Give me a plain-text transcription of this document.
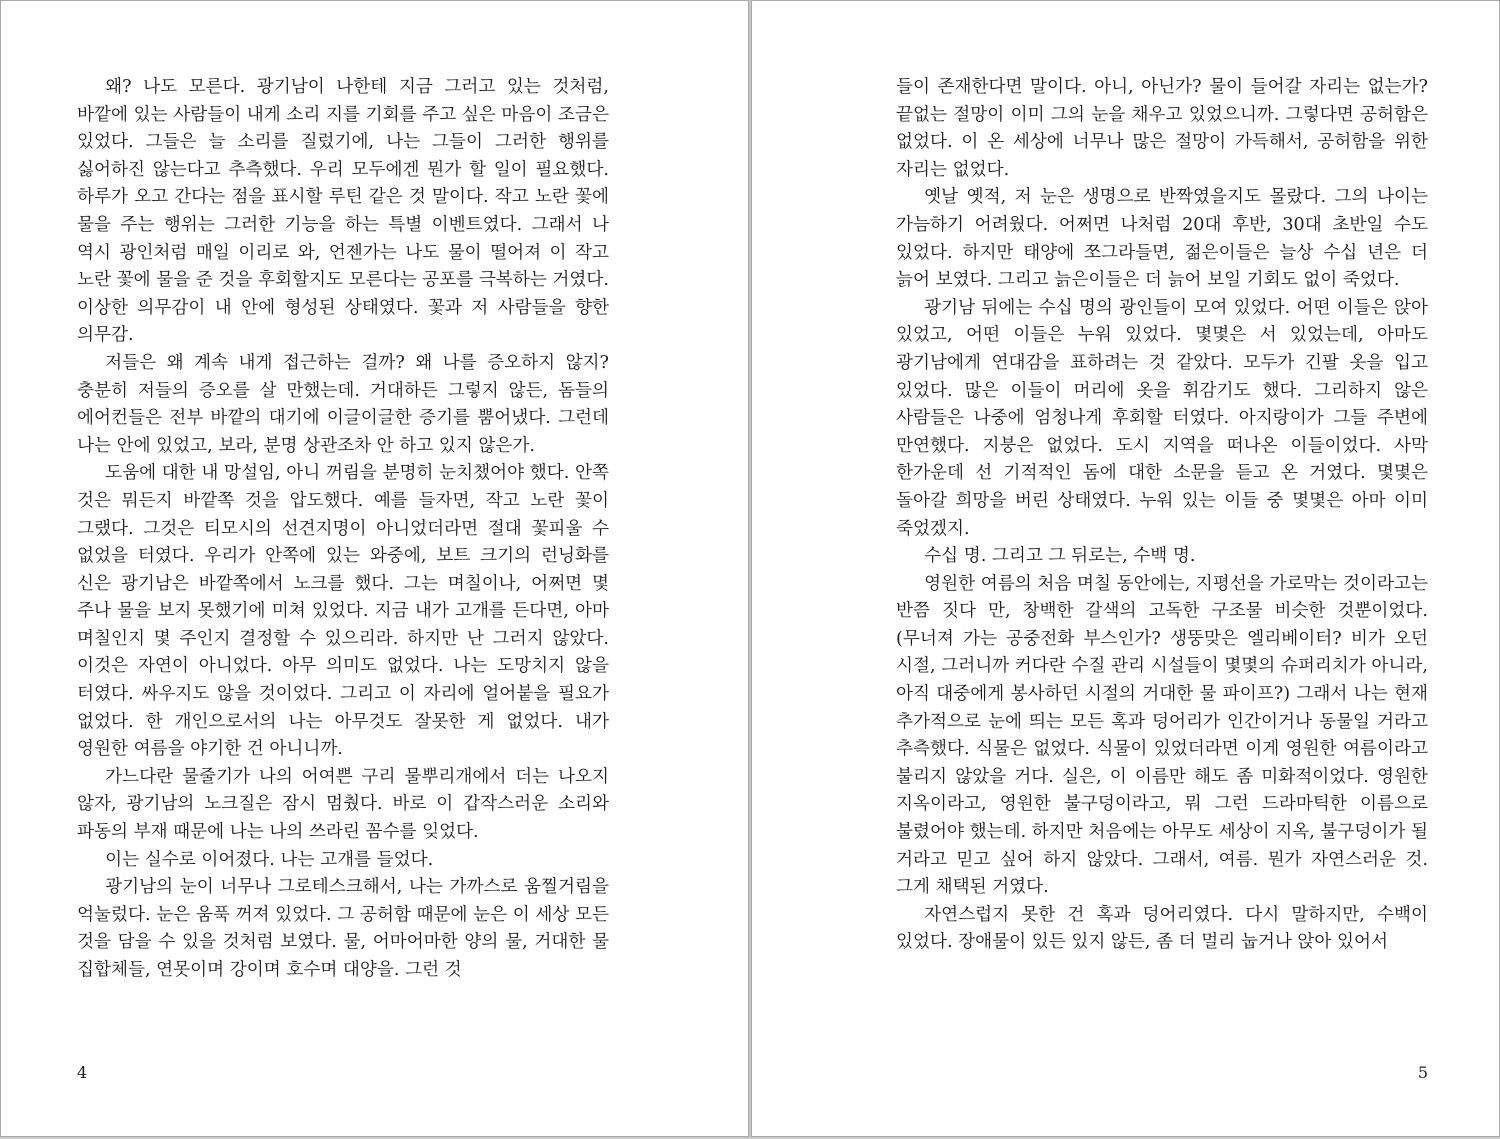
왜? 나도 모른다. 광기남이 나한테 지금 그러고 있는 것처럼, 바깥에 있는 사람들이 내게 소리 지를 기회를 주고 싶은 마음이 조금은 있었다. 그들은 늘 소리를 질렀기에, 나는 그들이 그러한 행위를 싫어하진 않는다고 추측했다. 우리 모두에겐 뭔가 할 일이 필요했다. 하루가 오고 간다는 점을 표시할 루틴 같은 것 말이다. 작고 노란 꽃에 물을 주는 행위는 그러한 기능을 하는 특별 이벤트였다. 그래서 나 역시 광인처럼 매일 이리로 와, 언젠가는 나도 물이 떨어져 이 작고 노란 꽃에 물을 준 것을 후회할지도 모른다는 공포를 극복하는 거였다. 이상한 의무감이 내 안에 형성된 상태였다. 꽃과 저 사람들을 향한 의무감.

저들은 왜 계속 내게 접근하는 걸까? 왜 나를 증오하지 않지? 충분히 저들의 증오를 살 만했는데. 거대하든 그렇지 않든, 돔들의 에어컨들은 전부 바깥의 대기에 이글이글한 증기를 뿜어냈다. 그런데 나는 안에 있었고, 보라, 분명 상관조차 안 하고 있지 않은가.

도움에 대한 내 망설임, 아니 꺼림을 분명히 눈치챘어야 했다. 안쪽 것은 뭐든지 바깥쪽 것을 압도했다. 예를 들자면, 작고 노란 꽃이 그랬다. 그것은 티모시의 선견지명이 아니었더라면 절대 꽃피울 수 없었을 터였다. 우리가 안쪽에 있는 와중에, 보트 크기의 런닝화를 신은 광기남은 바깥쪽에서 노크를 했다. 그는 며칠이나, 어쩌면 몇 주나 물을 보지 못했기에 미쳐 있었다. 지금 내가 고개를 든다면, 아마 며칠인지 몇 주인지 결정할 수 있으리라. 하지만 난 그러지 않았다. 이것은 자연이 아니었다. 아무 의미도 없었다. 나는 도망치지 않을 터였다. 싸우지도 않을 것이었다. 그리고 이 자리에 얼어붙을 필요가 없었다. 한 개인으로서의 나는 아무것도 잘못한 게 없었다. 내가 영원한 여름을 야기한 건 아니니까.

가느다란 물줄기가 나의 어여쁜 구리 물뿌리개에서 더는 나오지 않자, 광기남의 노크질은 잠시 멈췄다. 바로 이 갑작스러운 소리와 파동의 부재 때문에 나는 나의 쓰라린 꼼수를 잊었다.

이는 실수로 이어졌다. 나는 고개를 들었다.

광기남의 눈이 너무나 그로테스크해서, 나는 가까스로 움찔거림을 억눌렀다. 눈은 움푹 꺼져 있었다. 그 공허함 때문에 눈은 이 세상 모든 것을 담을 수 있을 것처럼 보였다. 물, 어마어마한 양의 물, 거대한 물 집합체들, 연못이며 강이며 호수며 대양을. 그런 것

4

들이 존재한다면 말이다. 아니, 아닌가? 물이 들어갈 자리는 없는가? 끝없는 절망이 이미 그의 눈을 채우고 있었으니까. 그렇다면 공허함은 없었다. 이 온 세상에 너무나 많은 절망이 가득해서, 공허함을 위한 자리는 없었다.

옛날 옛적, 저 눈은 생명으로 반짝였을지도 몰랐다. 그의 나이는 가늠하기 어려웠다. 어쩌면 나처럼 20대 후반, 30대 초반일 수도 있었다. 하지만 태양에 쪼그라들면, 젊은이들은 늘상 수십 년은 더 늙어 보였다. 그리고 늙은이들은 더 늙어 보일 기회도 없이 죽었다.

광기남 뒤에는 수십 명의 광인들이 모여 있었다. 어떤 이들은 앉아 있었고, 어떤 이들은 누워 있었다. 몇몇은 서 있었는데, 아마도 광기남에게 연대감을 표하려는 것 같았다. 모두가 긴팔 옷을 입고 있었다. 많은 이들이 머리에 옷을 휘감기도 했다. 그리하지 않은 사람들은 나중에 엄청나게 후회할 터였다. 아지랑이가 그들 주변에 만연했다. 지붕은 없었다. 도시 지역을 떠나온 이들이었다. 사막 한가운데 선 기적적인 돔에 대한 소문을 듣고 온 거였다. 몇몇은 돌아갈 희망을 버린 상태였다. 누워 있는 이들 중 몇몇은 아마 이미 죽었겠지.

수십 명. 그리고 그 뒤로는, 수백 명.

영원한 여름의 처음 며칠 동안에는, 지평선을 가로막는 것이라고는 반쯤 짓다 만, 창백한 갈색의 고독한 구조물 비슷한 것뿐이었다. (무너져 가는 공중전화 부스인가? 생뚱맞은 엘리베이터? 비가 오던 시절, 그러니까 커다란 수질 관리 시설들이 몇몇의 슈퍼리치가 아니라, 아직 대중에게 봉사하던 시절의 거대한 물 파이프?) 그래서 나는 현재 추가적으로 눈에 띄는 모든 혹과 덩어리가 인간이거나 동물일 거라고 추측했다. 식물은 없었다. 식물이 있었더라면 이게 영원한 여름이라고 불리지 않았을 거다. 실은, 이 이름만 해도 좀 미화적이었다. 영원한 지옥이라고, 영원한 불구덩이라고, 뭐 그런 드라마틱한 이름으로 불렸어야 했는데. 하지만 처음에는 아무도 세상이 지옥, 불구덩이가 될 거라고 믿고 싶어 하지 않았다. 그래서, 여름. 뭔가 자연스러운 것. 그게 채택된 거였다.

자연스럽지 못한 건 혹과 덩어리였다. 다시 말하지만, 수백이 있었다. 장애물이 있든 있지 않든, 좀 더 멀리 눕거나 앉아 있어서

5
